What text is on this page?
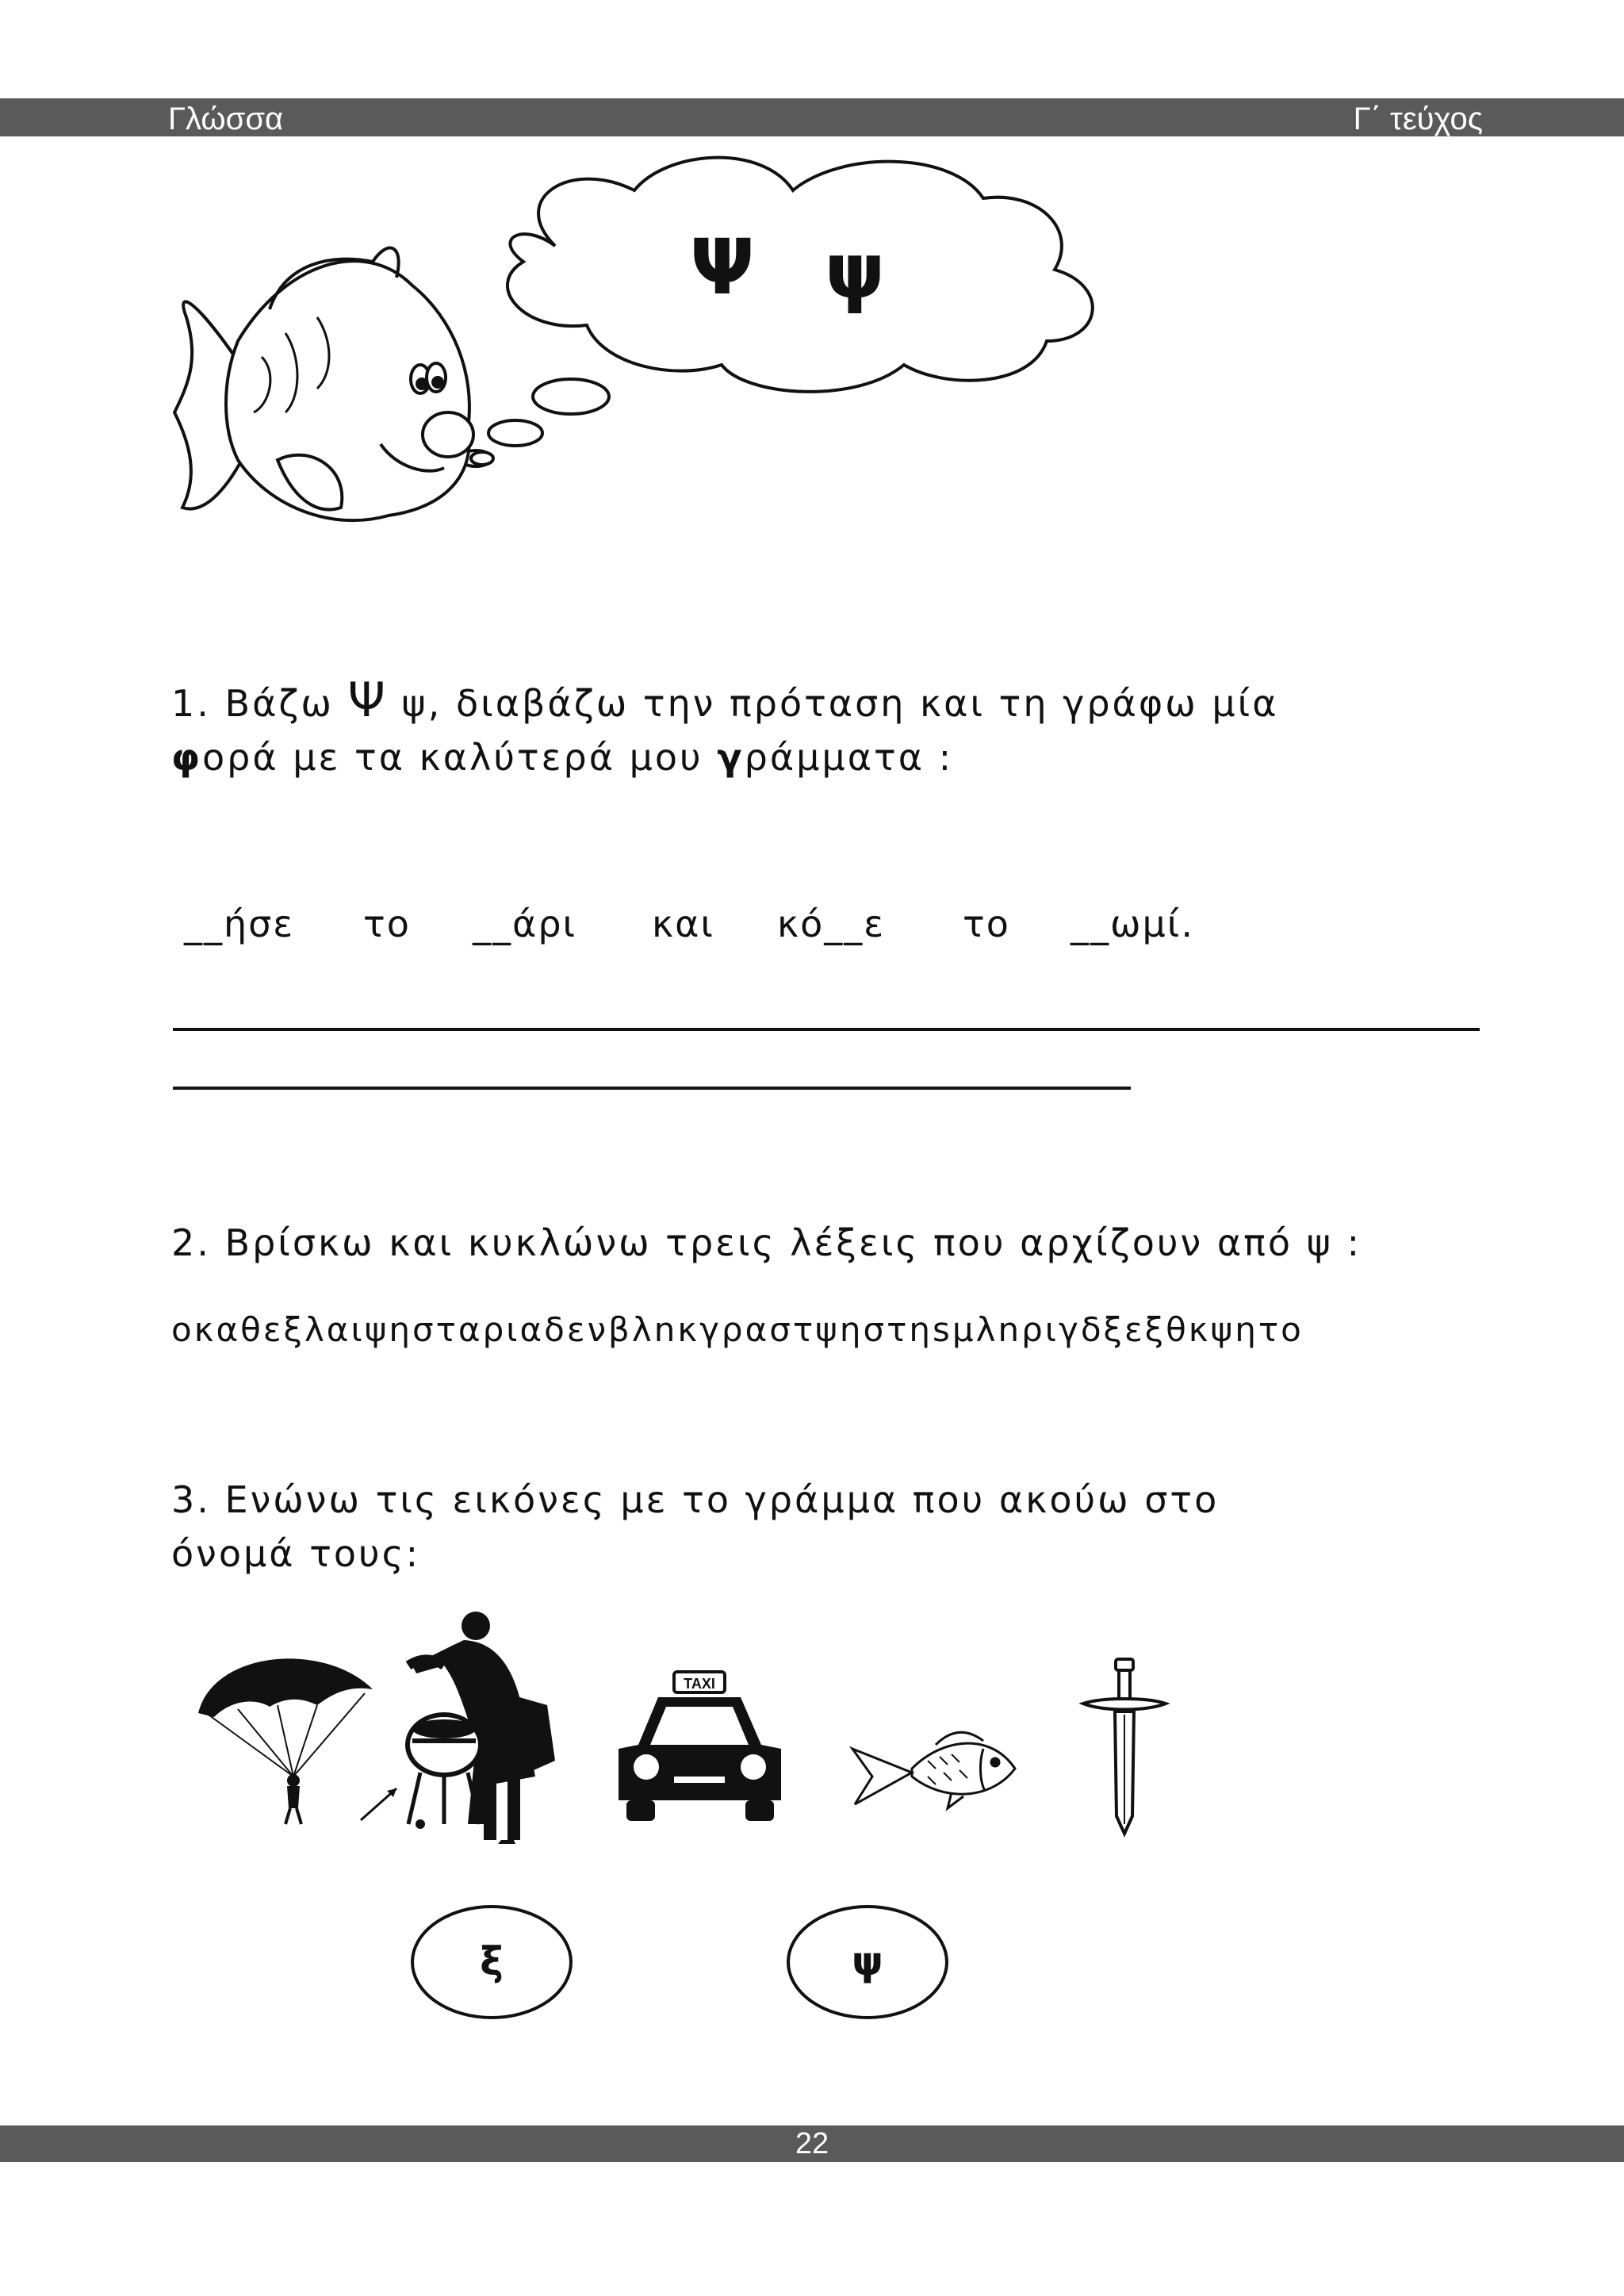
Γλώσσα	Γ΄ τεύχος
Ψ ψ
1. Βάζω Ψ ψ, διαβάζω την πρόταση και τη γράφω μία
φορά με τα καλύτερά μου γράμματα :
__ήσε το __άρι και κό__ε το __ωμί.
2. Βρίσκω και κυκλώνω τρεις λέξεις που αρχίζουν από ψ :
οκαθεξλαιψησταριαδενβλnκγραστψηστηsμλnριγδξεξθκψητο
3. Ενώνω τις εικόνες με το γράμμα που ακούω στο
όνομά τους:
TAXI
ξ	ψ
22
